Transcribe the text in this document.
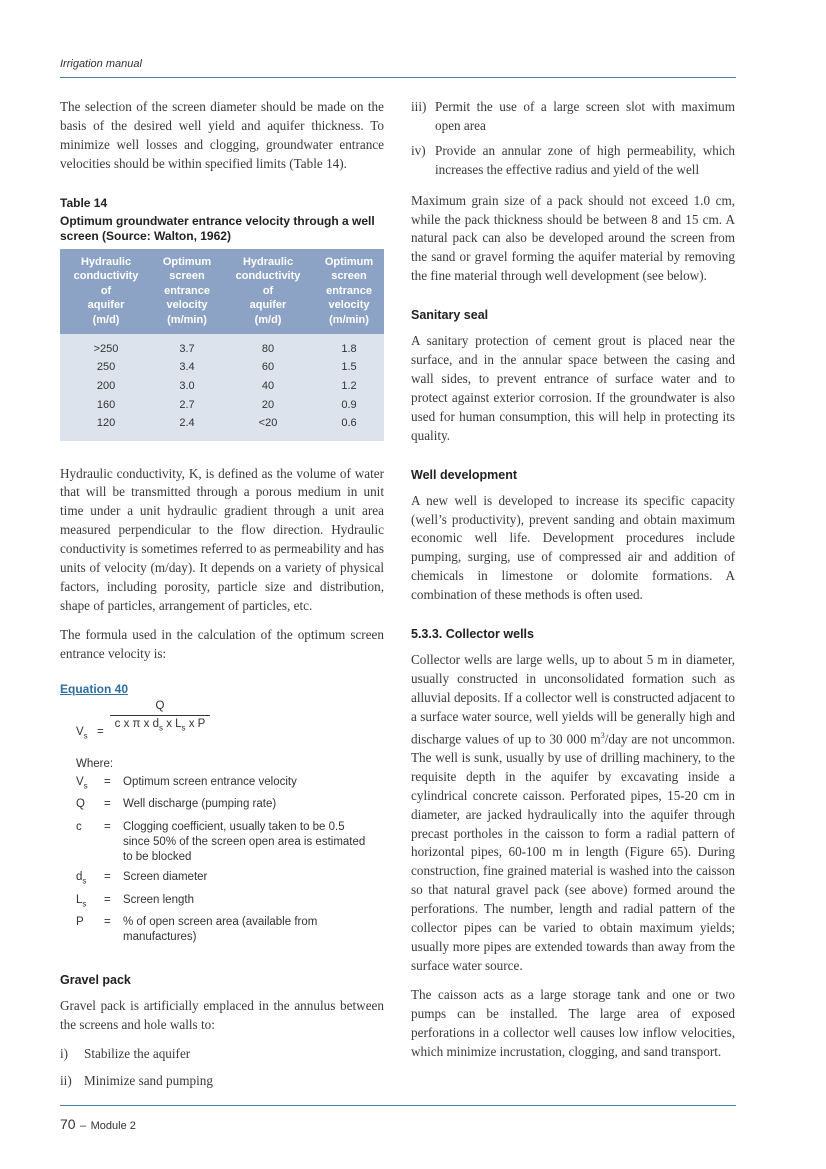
Irrigation manual

The selection of the screen diameter should be made on the basis of the desired well yield and aquifer thickness. To minimize well losses and clogging, groundwater entrance velocities should be within specified limits (Table 14).

Table 14
Optimum groundwater entrance velocity through a well screen (Source: Walton, 1962)
Hydraulic
conductivity
of
aquifer
(m/d)	Optimum
screen
entrance
velocity
(m/min)	Hydraulic
conductivity
of
aquifer
(m/d)	Optimum
screen
entrance
velocity
(m/min)
>250	3.7	80	1.8
250	3.4	60	1.5
200	3.0	40	1.2
160	2.7	20	0.9
120	2.4	<20	0.6

Hydraulic conductivity, K, is defined as the volume of water that will be transmitted through a porous medium in unit time under a unit hydraulic gradient through a unit area measured perpendicular to the flow direction. Hydraulic conductivity is sometimes referred to as permeability and has units of velocity (m/day). It depends on a variety of physical factors, including porosity, particle size and distribution, shape of particles, arrangement of particles, etc.

The formula used in the calculation of the optimum screen entrance velocity is:

Equation 40
$V_s$ =
Q
c x π x $d_s$ x $L_s$ x P
Where:
$V_s$	=	Optimum screen entrance velocity
Q	=	Well discharge (pumping rate)
c	=	Clogging coefficient, usually taken to be 0.5 since 50% of the screen open area is estimated to be blocked
$d_s$	=	Screen diameter
$L_s$	=	Screen length
P	=	% of open screen area (available from manufactures)
Gravel pack

Gravel pack is artificially emplaced in the annulus between the screens and hole walls to:

i)	Stabilize the aquifer
ii) Minimize sand pumping
iii) Permit the use of a large screen slot with maximum open area
iv) Provide an annular zone of high permeability, which increases the effective radius and yield of the well

Maximum grain size of a pack should not exceed 1.0 cm, while the pack thickness should be between 8 and 15 cm. A natural pack can also be developed around the screen from the sand or gravel forming the aquifer material by removing the fine material through well development (see below).

Sanitary seal

A sanitary protection of cement grout is placed near the surface, and in the annular space between the casing and wall sides, to prevent entrance of surface water and to protect against exterior corrosion. If the groundwater is also used for human consumption, this will help in protecting its quality.

Well development

A new well is developed to increase its specific capacity (well’s productivity), prevent sanding and obtain maximum economic well life. Development procedures include pumping, surging, use of compressed air and addition of chemicals in limestone or dolomite formations. A combination of these methods is often used.

5.3.3. Collector wells

Collector wells are large wells, up to about 5 m in diameter, usually constructed in unconsolidated formation such as alluvial deposits. If a collector well is constructed adjacent to a surface water source, well yields will be generally high and discharge values of up to 30 000 $m^3$/day are not uncommon. The well is sunk, usually by use of drilling machinery, to the requisite depth in the aquifer by excavating inside a cylindrical concrete caisson. Perforated pipes, 15-20 cm in diameter, are jacked hydraulically into the aquifer through precast portholes in the caisson to form a radial pattern of horizontal pipes, 60-100 m in length (Figure 65). During construction, fine grained material is washed into the caisson so that natural gravel pack (see above) formed around the perforations. The number, length and radial pattern of the collector pipes can be varied to obtain maximum yields; usually more pipes are extended towards than away from the surface water source.

The caisson acts as a large storage tank and one or two pumps can be installed. The large area of exposed perforations in a collector well causes low inflow velocities, which minimize incrustation, clogging, and sand transport.

70 – Module 2
